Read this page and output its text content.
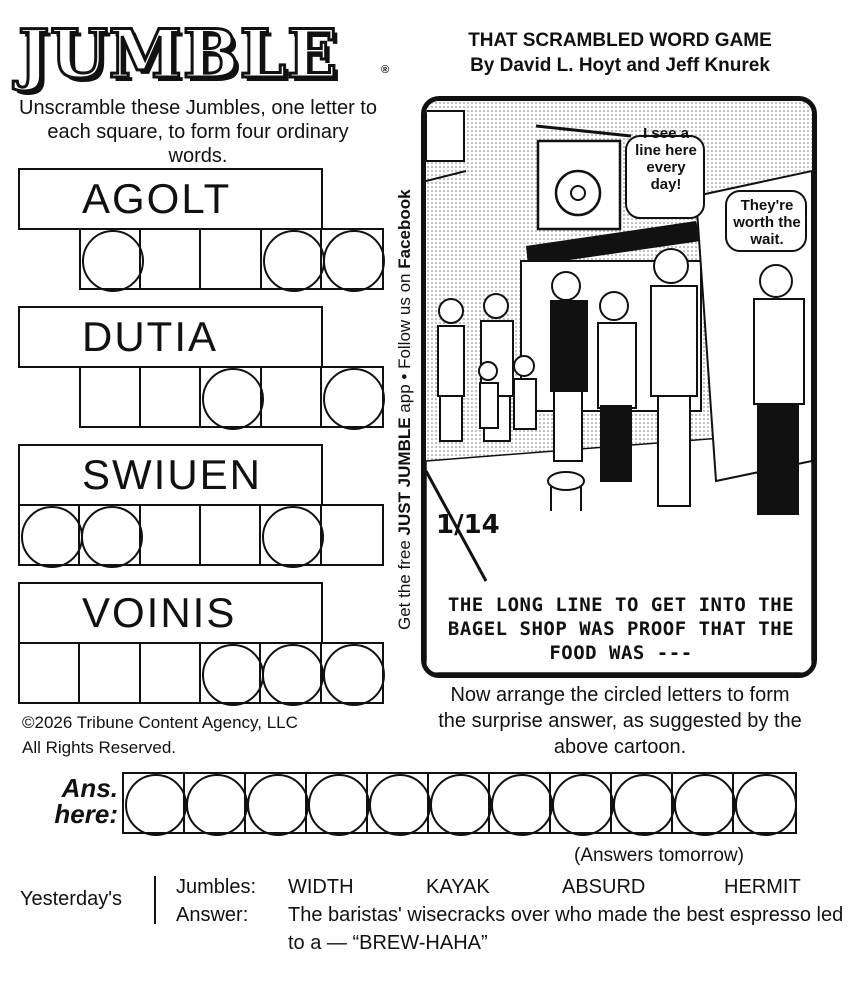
JUMBLE	®
THAT SCRAMBLED WORD GAME
By David L. Hoyt and Jeff Knurek
Unscramble these Jumbles, one letter to each square, to form four ordinary words.
AGOLT
DUTIA
SWIUEN
VOINIS
©2026 Tribune Content Agency, LLC
All Rights Reserved.
Get the free JUST JUMBLE app • Follow us on Facebook
I see a line here every day!
They're worth the wait.
1/14
THE LONG LINE TO GET INTO THE BAGEL SHOP WAS PROOF THAT THE FOOD WAS ---
Now arrange the circled letters to form the surprise answer, as suggested by the above cartoon.
Ans.
here:
(Answers tomorrow)
Yesterday's
Jumbles: WIDTH	KAYAK	ABSURD	HERMIT
Answer: The baristas' wisecracks over who made the best espresso led to a — “BREW-HAHA”
